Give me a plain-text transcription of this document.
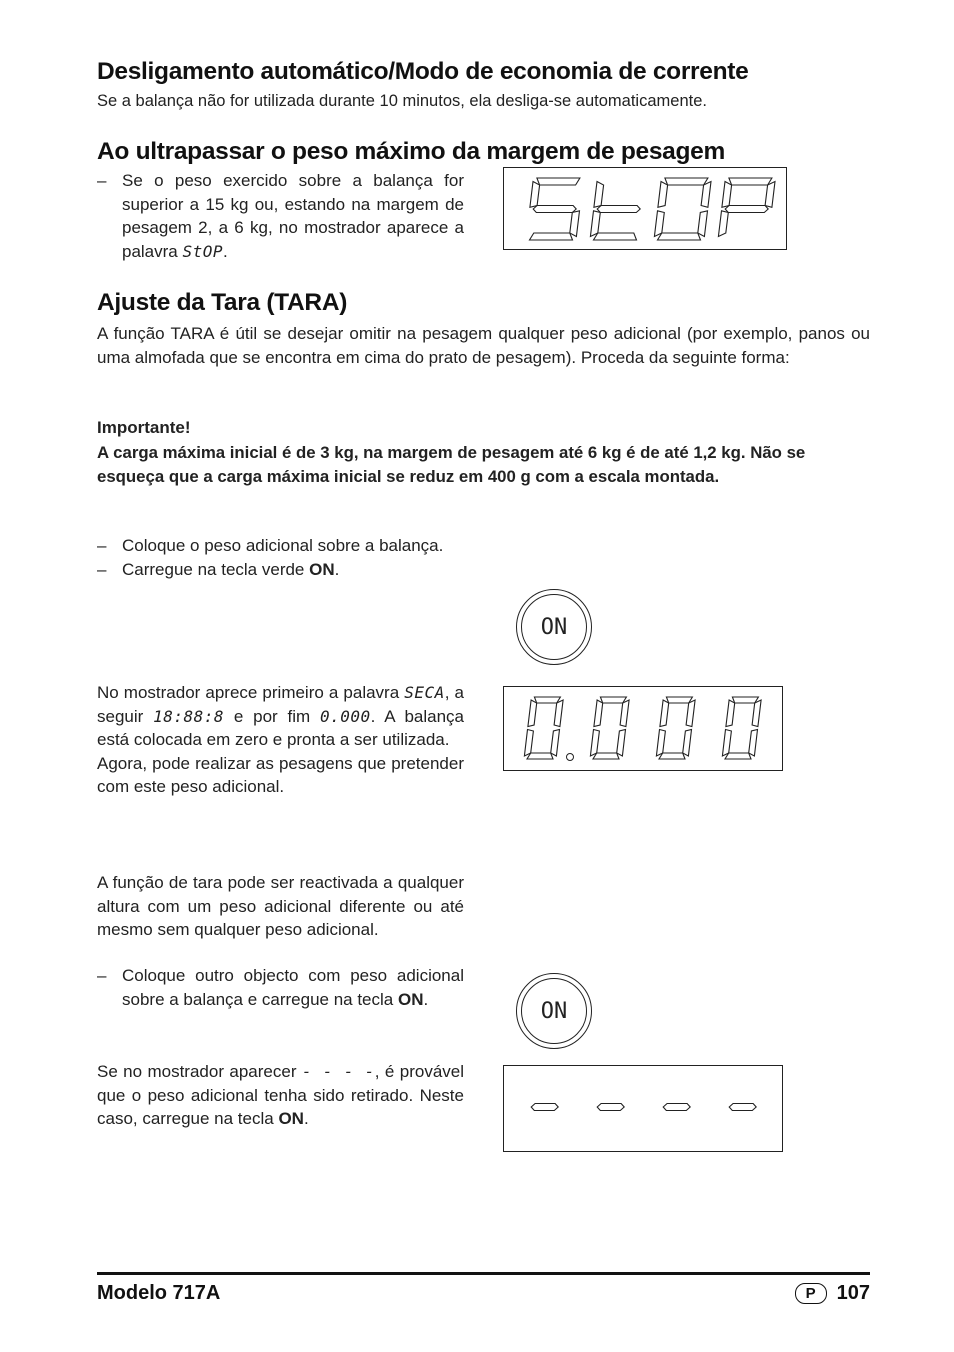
Desligamento automático/Modo de economia de corrente

Se a balança não for utilizada durante 10 minutos, ela desliga-se automaticamente.

Ao ultrapassar o peso máximo da margem de pesagem
– Se o peso exercido sobre a balança for superior a 15 kg ou, estando na margem de pesagem 2, a 6 kg, no mostrador aparece a palavra StOP.
Ajuste da Tara (TARA)

A função TARA é útil se desejar omitir na pesagem qualquer peso adicional (por exemplo, panos ou uma almofada que se encontra em cima do prato de pesagem). Proceda da seguinte forma:

Importante!

A carga máxima inicial é de 3 kg, na margem de pesagem até 6 kg é de até 1,2 kg. Não se esqueça que a carga máxima inicial se reduz em 400 g com a escala montada.

– Coloque o peso adicional sobre a balança.
– Carregue na tecla verde ON.
ON
No mostrador aprece primeiro a palavra SECA, a seguir 18:88:8 e por fim 0.000. A balança está colocada em zero e pronta a ser utilizada.
Agora, pode realizar as pesagens que pretender com este peso adicional.

A função de tara pode ser reactivada a qualquer altura com um peso adicional diferente ou até mesmo sem qualquer peso adicional.

– Coloque outro objecto com peso adicional sobre a balança e carregue na tecla ON.	ON
Se no mostrador aparecer - - - -, é provável que o peso adicional tenha sido retirado. Neste caso, carregue na tecla ON.
Modelo 717A	P	107
